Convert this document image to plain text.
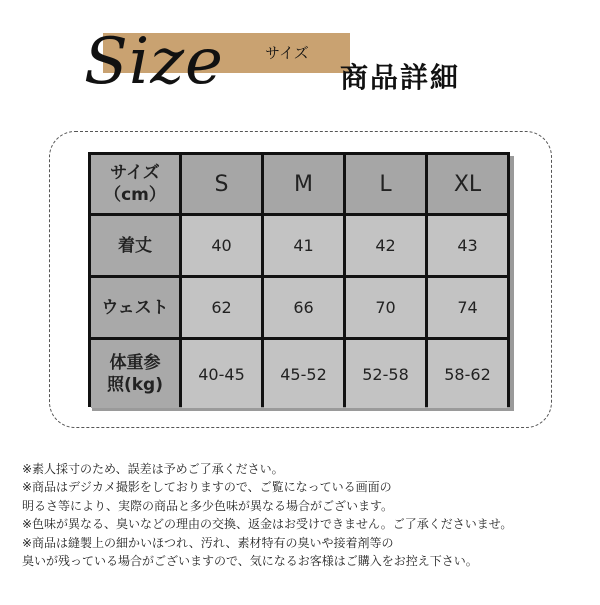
Size	サイズ
商品詳細
サイズ
（cm）	S	M	L	XL
着丈	40	41	42	43
ウェスト	62	66	70	74
体重参
照(kg)	40-45	45-52	52-58	58-62
※素人採寸のため、誤差は予めご了承ください。
※商品はデジカメ撮影をしておりますので、ご覧になっている画面の
明るさ等により、実際の商品と多少色味が異なる場合がございます。
※色味が異なる、臭いなどの理由の交換、返金はお受けできません。ご了承くださいませ。
※商品は縫製上の細かいほつれ、汚れ、素材特有の臭いや接着剤等の
臭いが残っている場合がございますので、気になるお客様はご購入をお控え下さい。
